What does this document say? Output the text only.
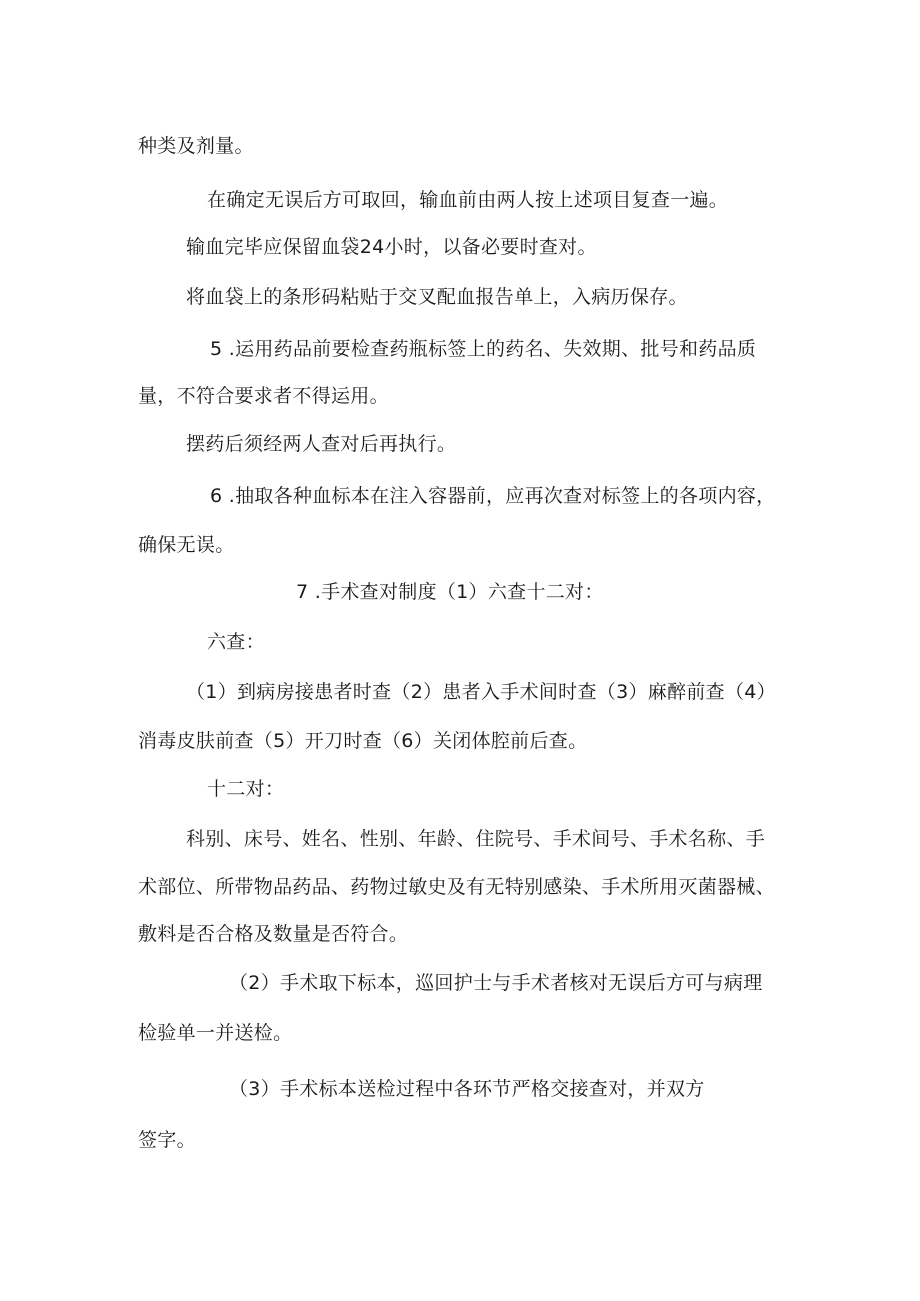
种类及剂量。
在确定无误后方可取回，输血前由两人按上述项目复查一遍。
输血完毕应保留血袋24小时，以备必要时查对。
将血袋上的条形码粘贴于交叉配血报告单上，入病历保存。
5 .运用药品前要检查药瓶标签上的药名、失效期、批号和药品质
量，不符合要求者不得运用。
摆药后须经两人查对后再执行。
6 .抽取各种血标本在注入容器前，应再次查对标签上的各项内容，
确保无误。
7 .手术查对制度（1）六查十二对：
六查：
（1）到病房接患者时查（2）患者入手术间时查（3）麻醉前查（4）
消毒皮肤前查（5）开刀时查（6）关闭体腔前后查。
十二对：
科别、床号、姓名、性别、年龄、住院号、手术间号、手术名称、手
术部位、所带物品药品、药物过敏史及有无特别感染、手术所用灭菌器械、
敷料是否合格及数量是否符合。
（2）手术取下标本，巡回护士与手术者核对无误后方可与病理
检验单一并送检。
（3）手术标本送检过程中各环节严格交接查对，并双方
签字。
